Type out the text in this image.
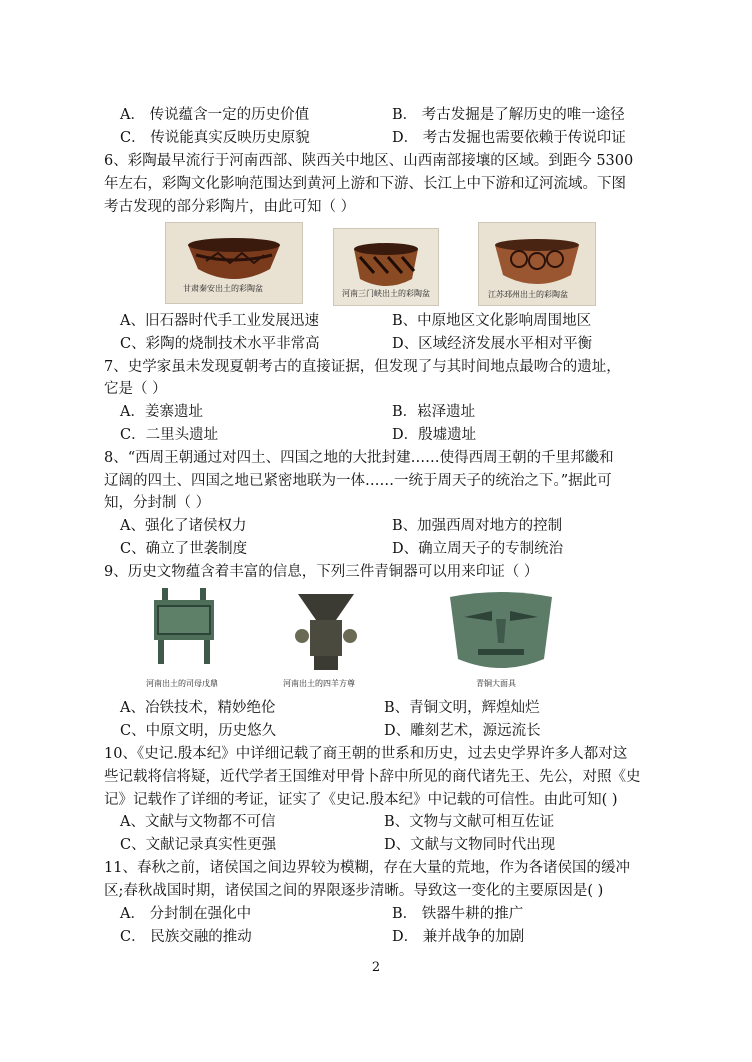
A． 传说蕴含一定的历史价值	B． 考古发掘是了解历史的唯一途径
C． 传说能真实反映历史原貌	D． 考古发掘也需要依赖于传说印证
6、彩陶最早流行于河南西部、陕西关中地区、山西南部接壤的区域。到距今 5300
年左右，彩陶文化影响范围达到黄河上游和下游、长江上中下游和辽河流域。下图
考古发现的部分彩陶片，由此可知（ ）
甘肃秦安出土的彩陶盆
河南三门峡出土的彩陶盆	江苏邳州出土的彩陶盆
A、旧石器时代手工业发展迅速	B、中原地区文化影响周围地区
C、彩陶的烧制技术水平非常高	D、区域经济发展水平相对平衡
7、史学家虽未发现夏朝考古的直接证据，但发现了与其时间地点最吻合的遗址，
它是（ ）
A．姜寨遗址	B．崧泽遗址
C．二里头遗址	D．殷墟遗址
8、“西周王朝通过对四土、四国之地的大批封建……使得西周王朝的千里邦畿和
辽阔的四土、四国之地已紧密地联为一体……一统于周天子的统治之下。”据此可
知，分封制（ ）
A、强化了诸侯权力	B、加强西周对地方的控制
C、确立了世袭制度	D、确立周天子的专制统治
9、历史文物蕴含着丰富的信息，下列三件青铜器可以用来印证（ ）
河南出土的司母戊鼎	河南出土的四羊方尊	青铜大面具
A、冶铁技术，精妙绝伦	B、青铜文明，辉煌灿烂
C、中原文明，历史悠久	D、雕刻艺术，源远流长
10、《史记.殷本纪》中详细记载了商王朝的世系和历史，过去史学界许多人都对这
些记载将信将疑，近代学者王国维对甲骨卜辞中所见的商代诸先王、先公，对照《史
记》记载作了详细的考证，证实了《史记.殷本纪》中记载的可信性。由此可知( )
A、文献与文物都不可信	B、文物与文献可相互佐证
C、文献记录真实性更强	D、文献与文物同时代出现
11、春秋之前，诸侯国之间边界较为模糊，存在大量的荒地，作为各诸侯国的缓冲
区;春秋战国时期，诸侯国之间的界限逐步清晰。导致这一变化的主要原因是( )
A． 分封制在强化中	B． 铁器牛耕的推广
C． 民族交融的推动	D． 兼并战争的加剧
2
